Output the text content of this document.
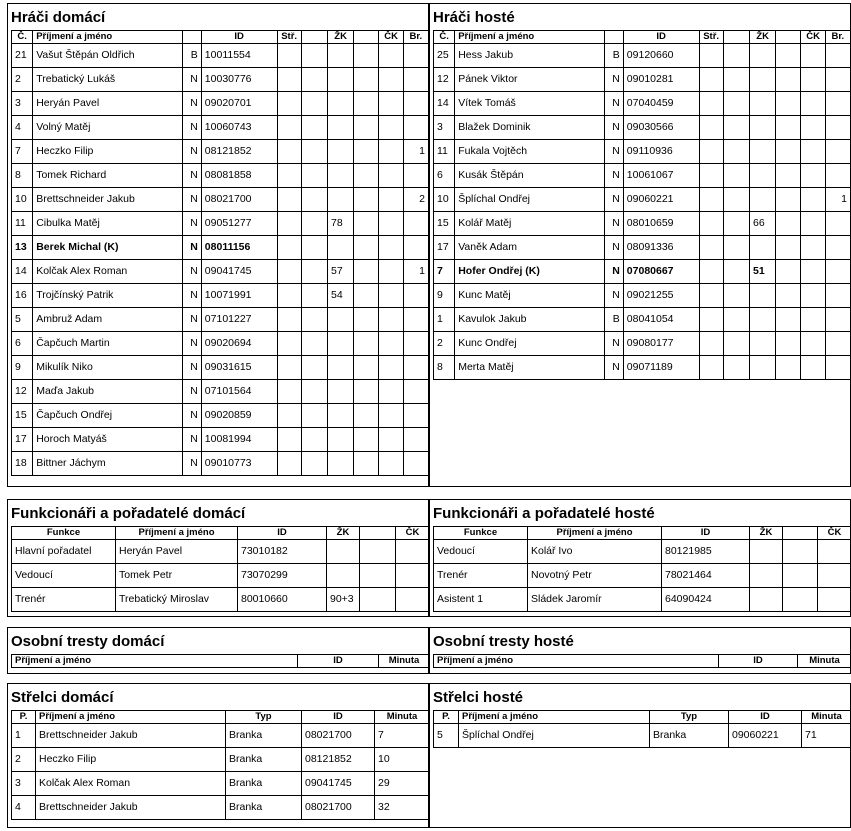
Hráči domácí
Č.	Příjmení a jméno		ID	Stř.		ŽK		ČK	Br.
21	Vašut Štěpán Oldřich	B	10011554						
2	Trebatický Lukáš	N	10030776						
3	Heryán Pavel	N	09020701						
4	Volný Matěj	N	10060743						
7	Heczko Filip	N	08121852						1
8	Tomek Richard	N	08081858						
10	Brettschneider Jakub	N	08021700						2
11	Cibulka Matěj	N	09051277			78			
13	Berek Michal (K)	N	08011156						
14	Kolčak Alex Roman	N	09041745			57			1
16	Trojčínský Patrik	N	10071991			54			
5	Ambruž Adam	N	07101227						
6	Čapčuch Martin	N	09020694						
9	Mikulík Niko	N	09031615						
12	Maďa Jakub	N	07101564						
15	Čapčuch Ondřej	N	09020859						
17	Horoch Matyáš	N	10081994						
18	Bittner Jáchym	N	09010773						
Hráči hosté
Č.	Příjmení a jméno		ID	Stř.		ŽK		ČK	Br.
25	Hess Jakub	B	09120660						
12	Pánek Viktor	N	09010281						
14	Vítek Tomáš	N	07040459						
3	Blažek Dominik	N	09030566						
11	Fukala Vojtěch	N	09110936						
6	Kusák Štěpán	N	10061067						
10	Šplíchal Ondřej	N	09060221						1
15	Kolář Matěj	N	08010659			66			
17	Vaněk Adam	N	08091336						
7	Hofer Ondřej (K)	N	07080667			51			
9	Kunc Matěj	N	09021255						
1	Kavulok Jakub	B	08041054						
2	Kunc Ondřej	N	09080177						
8	Merta Matěj	N	09071189						
Funkcionáři a pořadatelé domácí
Funkce	Příjmení a jméno	ID	ŽK		ČK
Hlavní pořadatel	Heryán Pavel	73010182			
Vedoucí	Tomek Petr	73070299			
Trenér	Trebatický Miroslav	80010660	90+3		
Funkcionáři a pořadatelé hosté
Funkce	Příjmení a jméno	ID	ŽK		ČK
Vedoucí	Kolář Ivo	80121985			
Trenér	Novotný Petr	78021464			
Asistent 1	Sládek Jaromír	64090424			
Osobní tresty domácí
Příjmení a jméno	ID	Minuta
Osobní tresty hosté
Příjmení a jméno	ID	Minuta
Střelci domácí
P.	Příjmení a jméno	Typ	ID	Minuta
1	Brettschneider Jakub	Branka	08021700	7
2	Heczko Filip	Branka	08121852	10
3	Kolčak Alex Roman	Branka	09041745	29
4	Brettschneider Jakub	Branka	08021700	32
Střelci hosté
P.	Příjmení a jméno	Typ	ID	Minuta
5	Šplíchal Ondřej	Branka	09060221	71
